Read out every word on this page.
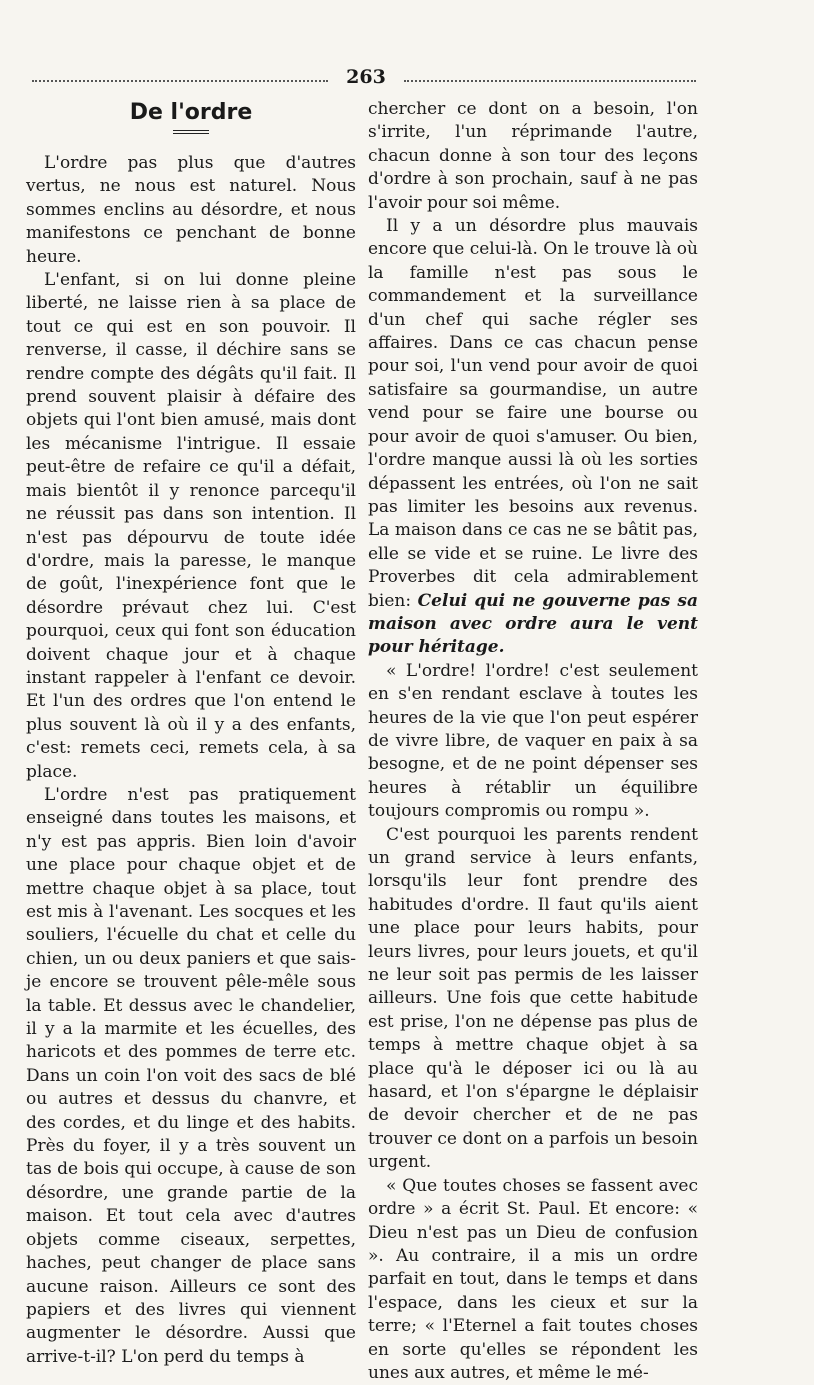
263
De l'ordre

L'ordre pas plus que d'autres vertus, ne nous est naturel. Nous sommes enclins au désordre, et nous manifestons ce penchant de bonne heure.

L'enfant, si on lui donne pleine liberté, ne laisse rien à sa place de tout ce qui est en son pouvoir. Il renverse, il casse, il déchire sans se rendre compte des dégâts qu'il fait. Il prend souvent plaisir à défaire des objets qui l'ont bien amusé, mais dont les mécanisme l'intrigue. Il essaie peut-être de refaire ce qu'il a défait, mais bientôt il y renonce parcequ'il ne réussit pas dans son intention. Il n'est pas dépourvu de toute idée d'ordre, mais la paresse, le manque de goût, l'inexpérience font que le désordre prévaut chez lui. C'est pourquoi, ceux qui font son éducation doivent chaque jour et à chaque instant rappeler à l'enfant ce devoir. Et l'un des ordres que l'on entend le plus souvent là où il y a des enfants, c'est: remets ceci, remets cela, à sa place.

L'ordre n'est pas pratiquement enseigné dans toutes les maisons, et n'y est pas appris. Bien loin d'avoir une place pour chaque objet et de mettre chaque objet à sa place, tout est mis à l'avenant. Les socques et les souliers, l'écuelle du chat et celle du chien, un ou deux paniers et que sais-je encore se trouvent pêle-mêle sous la table. Et dessus avec le chandelier, il y a la marmite et les écuelles, des haricots et des pommes de terre etc. Dans un coin l'on voit des sacs de blé ou autres et dessus du chanvre, et des cordes, et du linge et des habits. Près du foyer, il y a très souvent un tas de bois qui occupe, à cause de son désordre, une grande partie de la maison. Et tout cela avec d'autres objets comme ciseaux, serpettes, haches, peut changer de place sans aucune raison. Ailleurs ce sont des papiers et des livres qui viennent augmenter le désordre. Aussi que arrive-t-il? L'on perd du temps à

chercher ce dont on a besoin, l'on s'irrite, l'un réprimande l'autre, chacun donne à son tour des leçons d'ordre à son prochain, sauf à ne pas l'avoir pour soi même.

Il y a un désordre plus mauvais encore que celui-là. On le trouve là où la famille n'est pas sous le commandement et la surveillance d'un chef qui sache régler ses affaires. Dans ce cas chacun pense pour soi, l'un vend pour avoir de quoi satisfaire sa gourmandise, un autre vend pour se faire une bourse ou pour avoir de quoi s'amuser. Ou bien, l'ordre manque aussi là où les sorties dépassent les entrées, où l'on ne sait pas limiter les besoins aux revenus. La maison dans ce cas ne se bâtit pas, elle se vide et se ruine. Le livre des Proverbes dit cela admirablement bien: Celui qui ne gouverne pas sa maison avec ordre aura le vent pour héritage.

« L'ordre! l'ordre! c'est seulement en s'en rendant esclave à toutes les heures de la vie que l'on peut espérer de vivre libre, de vaquer en paix à sa besogne, et de ne point dépenser ses heures à rétablir un équilibre toujours compromis ou rompu ».

C'est pourquoi les parents rendent un grand service à leurs enfants, lorsqu'ils leur font prendre des habitudes d'ordre. Il faut qu'ils aient une place pour leurs habits, pour leurs livres, pour leurs jouets, et qu'il ne leur soit pas permis de les laisser ailleurs. Une fois que cette habitude est prise, l'on ne dépense pas plus de temps à mettre chaque objet à sa place qu'à le déposer ici ou là au hasard, et l'on s'épargne le déplaisir de devoir chercher et de ne pas trouver ce dont on a parfois un besoin urgent.

« Que toutes choses se fassent avec ordre » a écrit St. Paul. Et encore: « Dieu n'est pas un Dieu de confusion ». Au contraire, il a mis un ordre parfait en tout, dans le temps et dans l'espace, dans les cieux et sur la terre; « l'Eternel a fait toutes choses en sorte qu'elles se répondent les unes aux autres, et même le mé-
